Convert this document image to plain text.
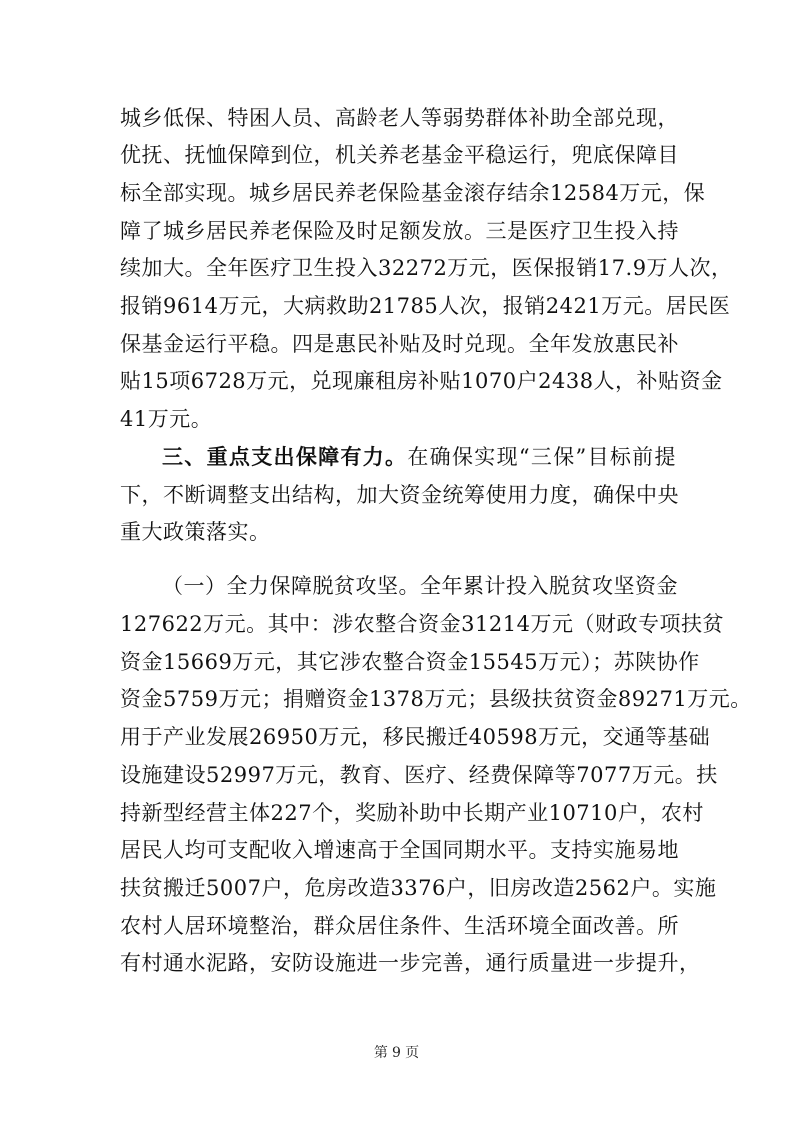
城乡低保、特困人员、高龄老人等弱势群体补助全部兑现，
优抚、抚恤保障到位，机关养老基金平稳运行，兜底保障目
标全部实现。城乡居民养老保险基金滚存结余12584万元，保
障了城乡居民养老保险及时足额发放。三是医疗卫生投入持
续加大。全年医疗卫生投入32272万元，医保报销17.9万人次，
报销9614万元，大病救助21785人次，报销2421万元。居民医
保基金运行平稳。四是惠民补贴及时兑现。全年发放惠民补
贴15项6728万元，兑现廉租房补贴1070户2438人，补贴资金
41万元。
三、重点支出保障有力。在确保实现“三保”目标前提
下，不断调整支出结构，加大资金统筹使用力度，确保中央
重大政策落实。
（一）全力保障脱贫攻坚。全年累计投入脱贫攻坚资金
127622万元。其中：涉农整合资金31214万元（财政专项扶贫
资金15669万元，其它涉农整合资金15545万元）；苏陕协作
资金5759万元；捐赠资金1378万元；县级扶贫资金89271万元。
用于产业发展26950万元，移民搬迁40598万元，交通等基础
设施建设52997万元，教育、医疗、经费保障等7077万元。扶
持新型经营主体227个，奖励补助中长期产业10710户，农村
居民人均可支配收入增速高于全国同期水平。支持实施易地
扶贫搬迁5007户，危房改造3376户，旧房改造2562户。实施
农村人居环境整治，群众居住条件、生活环境全面改善。所
有村通水泥路，安防设施进一步完善，通行质量进一步提升，
第 9 页
